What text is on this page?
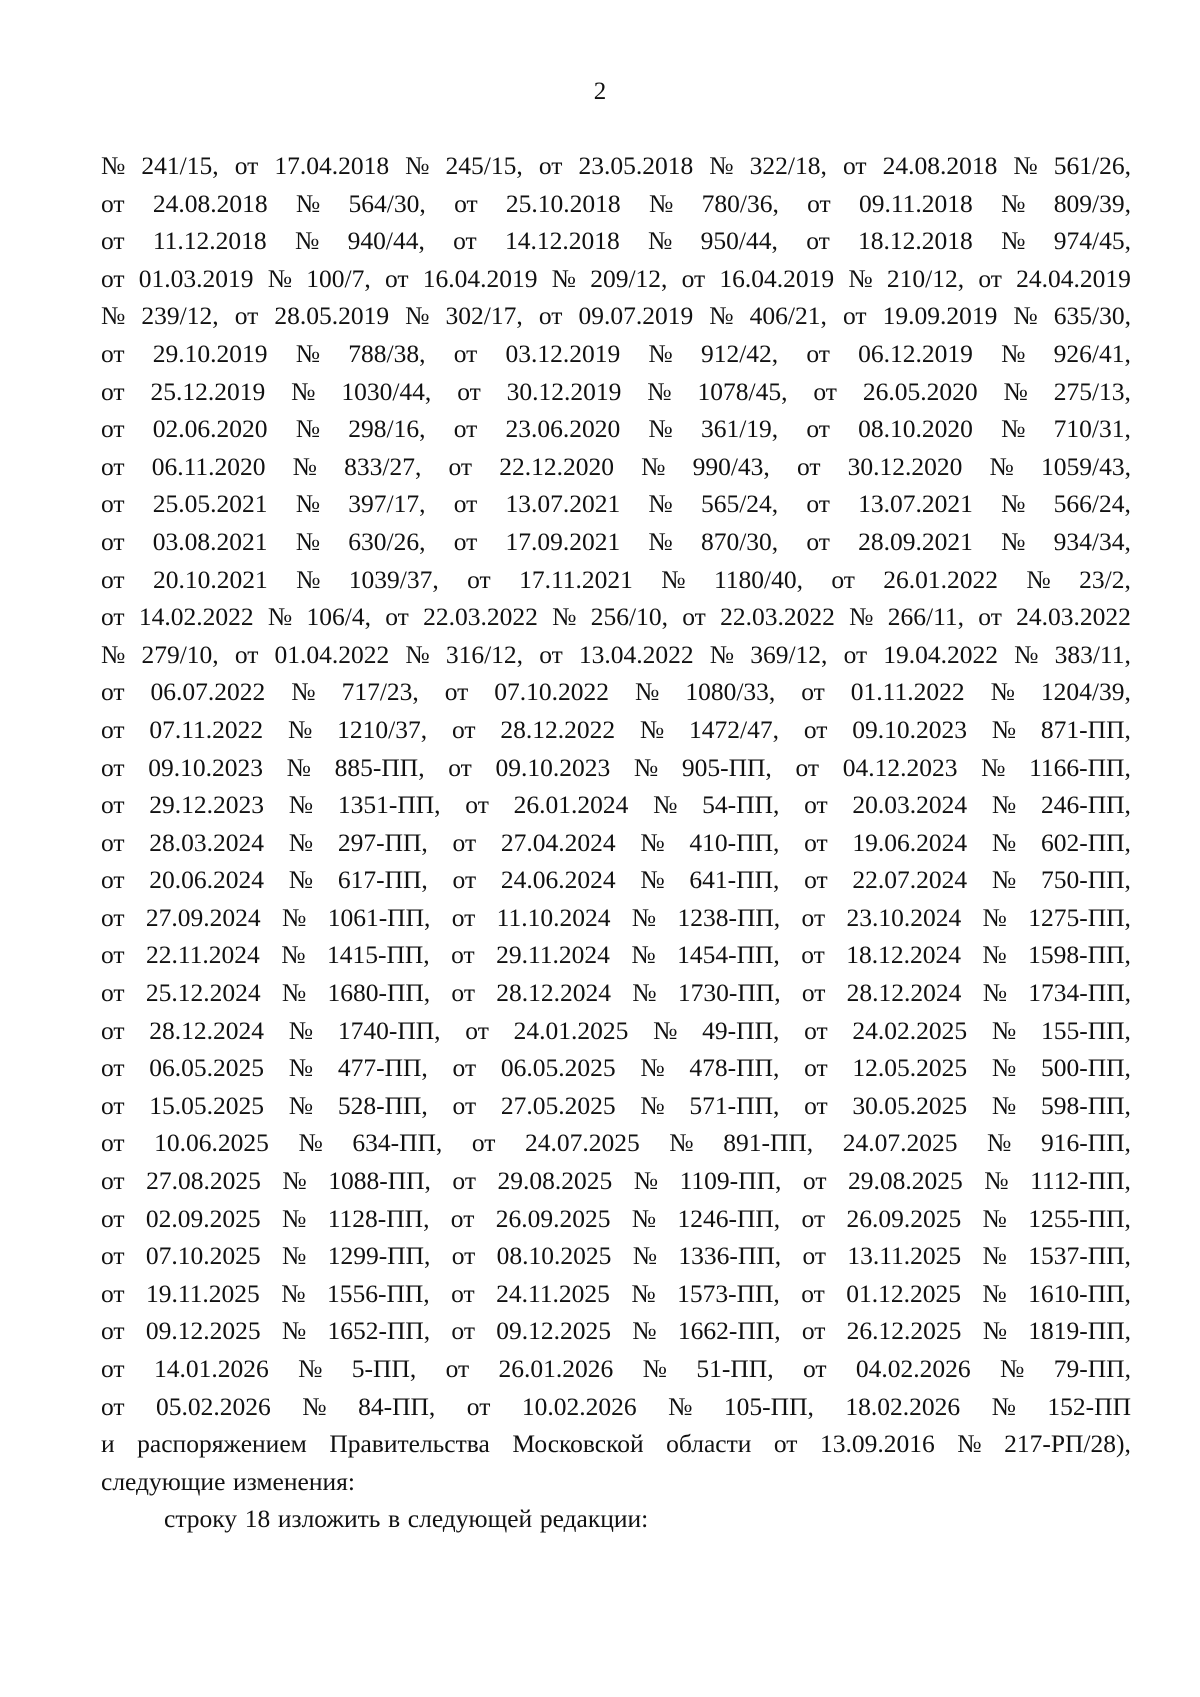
2
№ 241/15, от 17.04.2018 № 245/15, от 23.05.2018 № 322/18, от 24.08.2018 № 561/26,
от 24.08.2018 № 564/30, от 25.10.2018 № 780/36, от 09.11.2018 № 809/39,
от 11.12.2018 № 940/44, от 14.12.2018 № 950/44, от 18.12.2018 № 974/45,
от 01.03.2019 № 100/7, от 16.04.2019 № 209/12, от 16.04.2019 № 210/12, от 24.04.2019
№ 239/12, от 28.05.2019 № 302/17, от 09.07.2019 № 406/21, от 19.09.2019 № 635/30,
от 29.10.2019 № 788/38, от 03.12.2019 № 912/42, от 06.12.2019 № 926/41,
от 25.12.2019 № 1030/44, от 30.12.2019 № 1078/45, от 26.05.2020 № 275/13,
от 02.06.2020 № 298/16, от 23.06.2020 № 361/19, от 08.10.2020 № 710/31,
от 06.11.2020 № 833/27, от 22.12.2020 № 990/43, от 30.12.2020 № 1059/43,
от 25.05.2021 № 397/17, от 13.07.2021 № 565/24, от 13.07.2021 № 566/24,
от 03.08.2021 № 630/26, от 17.09.2021 № 870/30, от 28.09.2021 № 934/34,
от 20.10.2021 № 1039/37, от 17.11.2021 № 1180/40, от 26.01.2022 № 23/2,
от 14.02.2022 № 106/4, от 22.03.2022 № 256/10, от 22.03.2022 № 266/11, от 24.03.2022
№ 279/10, от 01.04.2022 № 316/12, от 13.04.2022 № 369/12, от 19.04.2022 № 383/11,
от 06.07.2022 № 717/23, от 07.10.2022 № 1080/33, от 01.11.2022 № 1204/39,
от 07.11.2022 № 1210/37, от 28.12.2022 № 1472/47, от 09.10.2023 № 871-ПП,
от 09.10.2023 № 885-ПП, от 09.10.2023 № 905-ПП, от 04.12.2023 № 1166-ПП,
от 29.12.2023 № 1351-ПП, от 26.01.2024 № 54-ПП, от 20.03.2024 № 246-ПП,
от 28.03.2024 № 297-ПП, от 27.04.2024 № 410-ПП, от 19.06.2024 № 602-ПП,
от 20.06.2024 № 617-ПП, от 24.06.2024 № 641-ПП, от 22.07.2024 № 750-ПП,
от 27.09.2024 № 1061-ПП, от 11.10.2024 № 1238-ПП, от 23.10.2024 № 1275-ПП,
от 22.11.2024 № 1415-ПП, от 29.11.2024 № 1454-ПП, от 18.12.2024 № 1598-ПП,
от 25.12.2024 № 1680-ПП, от 28.12.2024 № 1730-ПП, от 28.12.2024 № 1734-ПП,
от 28.12.2024 № 1740-ПП, от 24.01.2025 № 49-ПП, от 24.02.2025 № 155-ПП,
от 06.05.2025 № 477-ПП, от 06.05.2025 № 478-ПП, от 12.05.2025 № 500-ПП,
от 15.05.2025 № 528-ПП, от 27.05.2025 № 571-ПП, от 30.05.2025 № 598-ПП,
от 10.06.2025 № 634-ПП, от 24.07.2025 № 891-ПП, 24.07.2025 № 916-ПП,
от 27.08.2025 № 1088-ПП, от 29.08.2025 № 1109-ПП, от 29.08.2025 № 1112-ПП,
от 02.09.2025 № 1128-ПП, от 26.09.2025 № 1246-ПП, от 26.09.2025 № 1255-ПП,
от 07.10.2025 № 1299-ПП, от 08.10.2025 № 1336-ПП, от 13.11.2025 № 1537-ПП,
от 19.11.2025 № 1556-ПП, от 24.11.2025 № 1573-ПП, от 01.12.2025 № 1610-ПП,
от 09.12.2025 № 1652-ПП, от 09.12.2025 № 1662-ПП, от 26.12.2025 № 1819-ПП,
от 14.01.2026 № 5-ПП, от 26.01.2026 № 51-ПП, от 04.02.2026 № 79-ПП,
от 05.02.2026 № 84-ПП, от 10.02.2026 № 105-ПП, 18.02.2026 № 152-ПП
и распоряжением Правительства Московской области от 13.09.2016 № 217-РП/28),
следующие изменения:
строку 18 изложить в следующей редакции:
